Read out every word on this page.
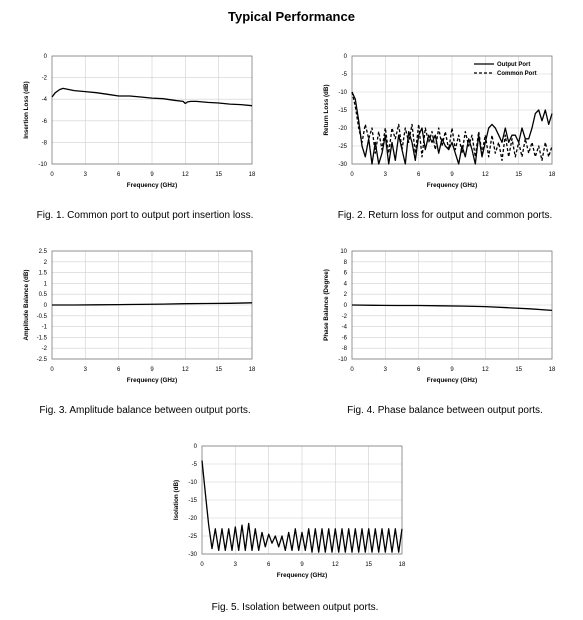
Typical Performance
0
-2
-4
-6
-8
-10
0	3	6	9	12	15	18
Frequency (GHz)
Insertion Loss (dB)
Fig. 1. Common port to output port insertion loss.
0
-5
-10
-15
-20
-25
-30
0	3	6	9	12	15	18
Frequency (GHz)
Return Loss (dB)
Output Port
Common Port
Fig. 2. Return loss for output and common ports.
2.5
2
1.5
1
0.5
0
-0.5
-1
-1.5
-2
-2.5
0	3	6	9	12	15	18
Frequency (GHz)
Amplitude Balance (dB)
Fig. 3. Amplitude balance between output ports.
10
8
6
4
2
0
-2
-4
-6
-8
-10
0	3	6	9	12	15	18
Frequency (GHz)
Phase Balance (Degree)
Fig. 4. Phase balance between output ports.
0
-5
-10
-15
-20
-25
-30
0	3	6	9	12	15	18
Frequency (GHz)
Isolation (dB)
Fig. 5. Isolation between output ports.
